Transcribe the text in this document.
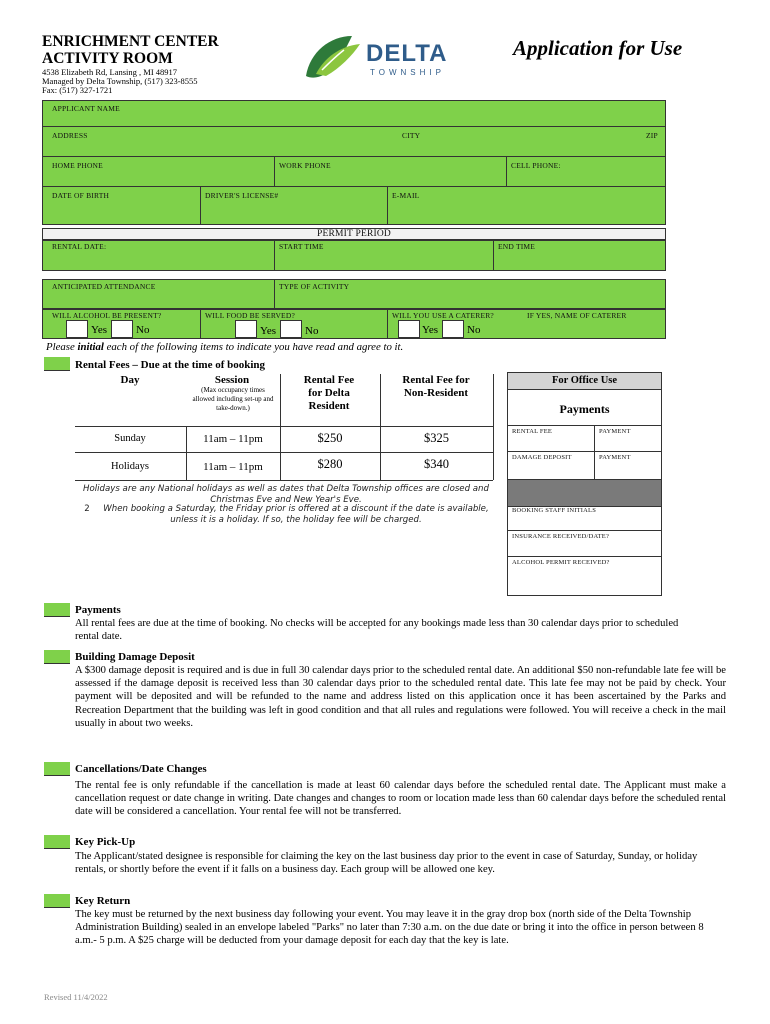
ENRICHMENT CENTER
ACTIVITY ROOM
4538 Elizabeth Rd, Lansing , MI 48917
Managed by Delta Township, (517) 323-8555
Fax: (517) 327-1721
DELTA
TOWNSHIP
Application for Use
APPLICANT NAME
ADDRESS	CITY	ZIP
HOME PHONE	WORK PHONE	CELL PHONE:
DATE OF BIRTH	DRIVER'S LICENSE#	E-MAIL
PERMIT PERIOD
RENTAL DATE:	START TIME	END TIME
ANTICIPATED ATTENDANCE	TYPE OF ACTIVITY
WILL ALCOHOL BE PRESENT?	WILL FOOD BE SERVED?	WILL YOU USE A CATERER?	IF YES, NAME OF CATERER
Yes	No	Yes	No	Yes	No
Please initial each of the following items to indicate you have read and agree to it.
Rental Fees – Due at the time of booking
Day	Session
(Max occupancy times allowed including set-up and take-down.)
Rental Fee for Delta Resident
Rental Fee for Non-Resident
Sunday	11am – 11pm	$250	$325
Holidays	11am – 11pm	$280	$340
Holidays are any National holidays as well as dates that Delta Township offices are closed and Christmas Eve and New Year's Eve.
2	When booking a Saturday, the Friday prior is offered at a discount if the date is available, unless it is a holiday. If so, the holiday fee will be charged.
For Office Use
Payments
RENTAL FEE	PAYMENT
DAMAGE DEPOSIT	PAYMENT
BOOKING STAFF INITIALS
INSURANCE RECEIVED/DATE?
ALCOHOL PERMIT RECEIVED?
Payments
All rental fees are due at the time of booking. No checks will be accepted for any bookings made less than 30 calendar days prior to scheduled rental date.
Building Damage Deposit
A $300 damage deposit is required and is due in full 30 calendar days prior to the scheduled rental date. An additional $50 non-refundable late fee will be assessed if the damage deposit is received less than 30 calendar days prior to the scheduled rental date. This late fee may not be paid by check. Your payment will be deposited and will be refunded to the name and address listed on this application once it has been ascertained by the Parks and Recreation Department that the building was left in good condition and that all rules and regulations were followed. You will receive a check in the mail usually in about two weeks.
Cancellations/Date Changes
The rental fee is only refundable if the cancellation is made at least 60 calendar days before the scheduled rental date. The Applicant must make a cancellation request or date change in writing. Date changes and changes to room or location made less than 60 calendar days before the scheduled rental date will be considered a cancellation. Your rental fee will not be transferred.
Key Pick-Up
The Applicant/stated designee is responsible for claiming the key on the last business day prior to the event in case of Saturday, Sunday, or holiday rentals, or shortly before the event if it falls on a business day. Each group will be allowed one key.
Key Return
The key must be returned by the next business day following your event. You may leave it in the gray drop box (north side of the Delta Township Administration Building) sealed in an envelope labeled "Parks" no later than 7:30 a.m. on the due date or bring it into the office in person between 8 a.m.- 5 p.m. A $25 charge will be deducted from your damage deposit for each day that the key is late.
Revised 11/4/2022
